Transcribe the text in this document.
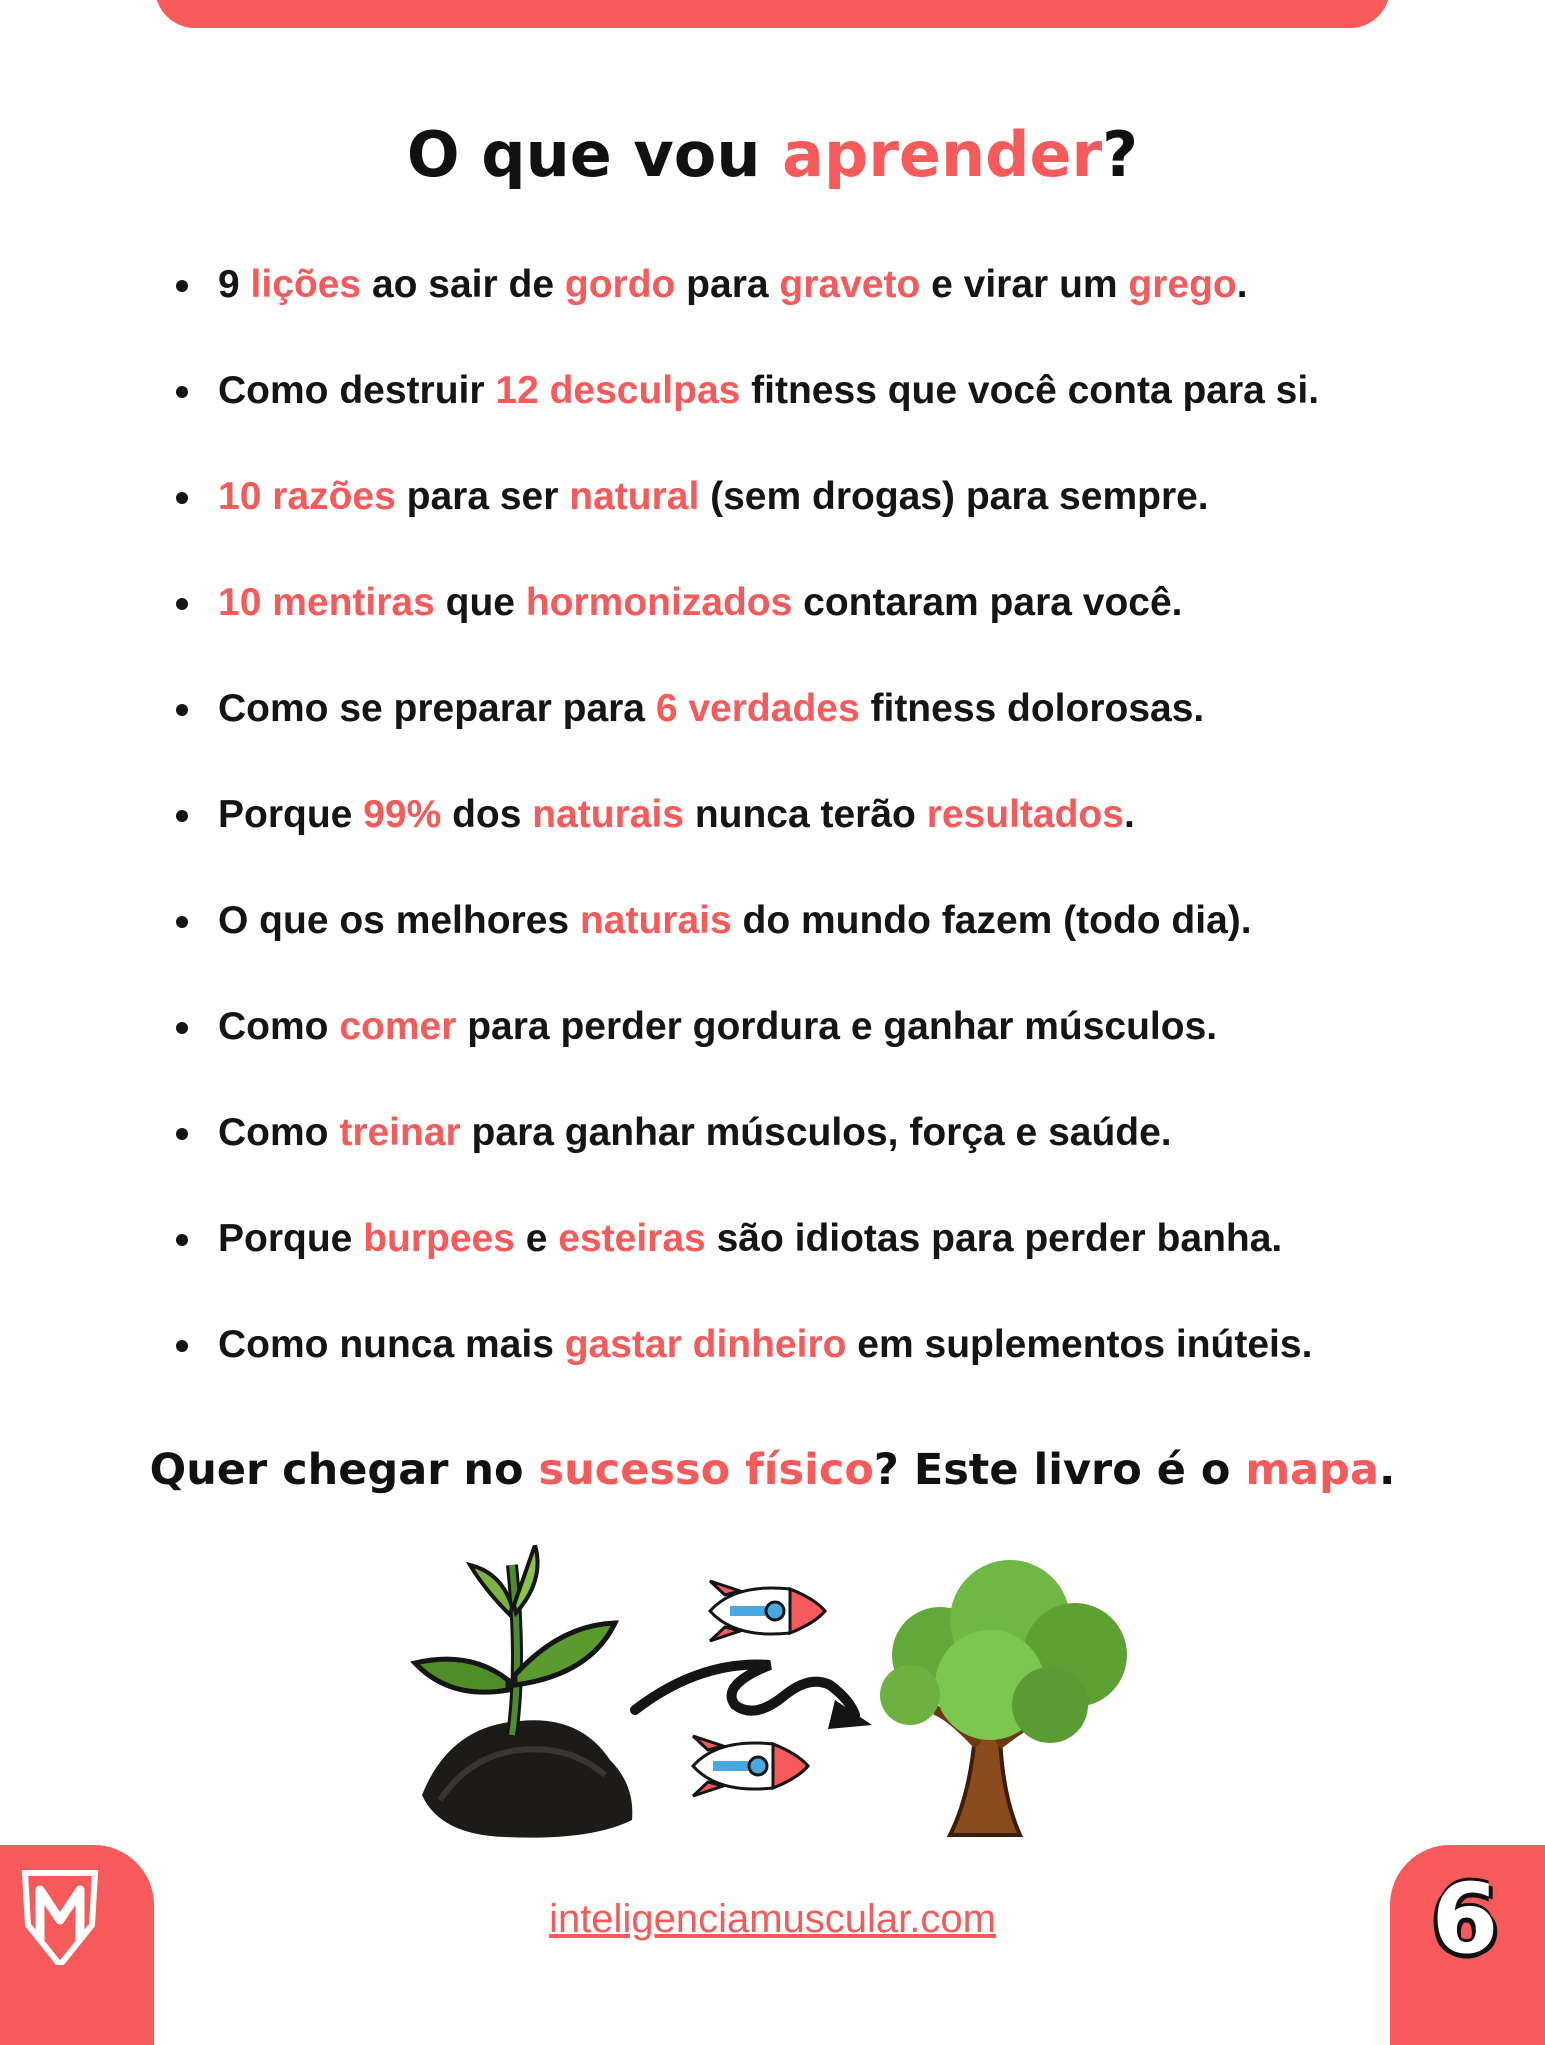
O que vou aprender?
9 lições ao sair de gordo para graveto e virar um grego.
Como destruir 12 desculpas fitness que você conta para si.
10 razões para ser natural (sem drogas) para sempre.
10 mentiras que hormonizados contaram para você.
Como se preparar para 6 verdades fitness dolorosas.
Porque 99% dos naturais nunca terão resultados.
O que os melhores naturais do mundo fazem (todo dia).
Como comer para perder gordura e ganhar músculos.
Como treinar para ganhar músculos, força e saúde.
Porque burpees e esteiras são idiotas para perder banha.
Como nunca mais gastar dinheiro em suplementos inúteis.

Quer chegar no sucesso físico? Este livro é o mapa.

6
inteligenciamuscular.com
